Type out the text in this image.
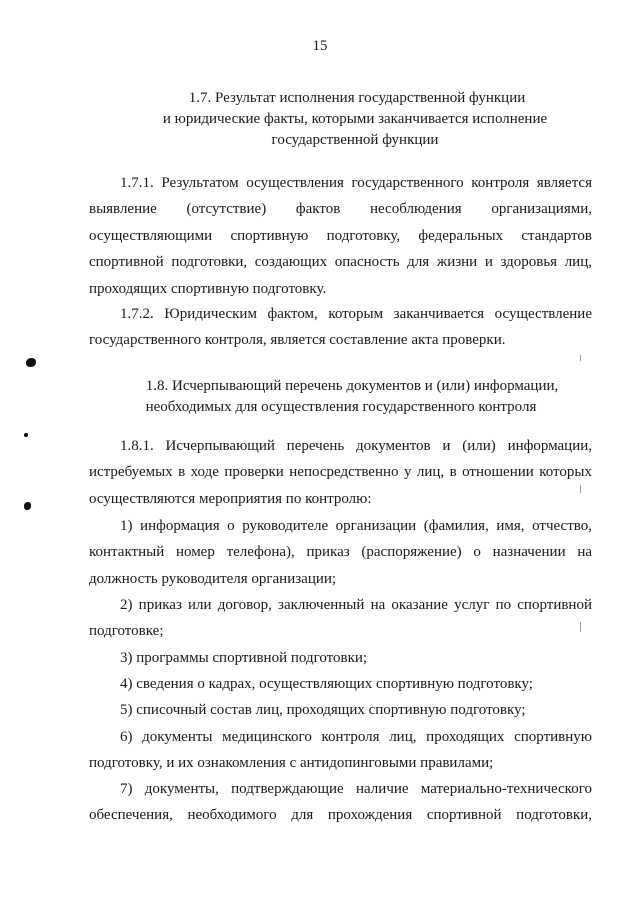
15
1.7. Результат исполнения государственной функции
и юридические факты, которыми заканчивается исполнение
государственной функции
1.7.1. Результатом осуществления государственного контроля является
выявление (отсутствие) фактов несоблюдения организациями,
осуществляющими спортивную подготовку, федеральных стандартов
спортивной подготовки, создающих опасность для жизни и здоровья лиц,
проходящих спортивную подготовку.
1.7.2. Юридическим фактом, которым заканчивается осуществление
государственного контроля, является составление акта проверки.
1.8. Исчерпывающий перечень документов и (или) информации,
необходимых для осуществления государственного контроля
1.8.1. Исчерпывающий перечень документов и (или) информации,
истребуемых в ходе проверки непосредственно у лиц, в отношении которых
осуществляются мероприятия по контролю:
1) информация о руководителе организации (фамилия, имя, отчество,
контактный номер телефона), приказ (распоряжение) о назначении на
должность руководителя организации;
2) приказ или договор, заключенный на оказание услуг по спортивной
подготовке;
3) программы спортивной подготовки;
4) сведения о кадрах, осуществляющих спортивную подготовку;
5) списочный состав лиц, проходящих спортивную подготовку;
6) документы медицинского контроля лиц, проходящих спортивную
подготовку, и их ознакомления с антидопинговыми правилами;
7) документы, подтверждающие наличие материально-технического
обеспечения, необходимого для прохождения спортивной подготовки,
